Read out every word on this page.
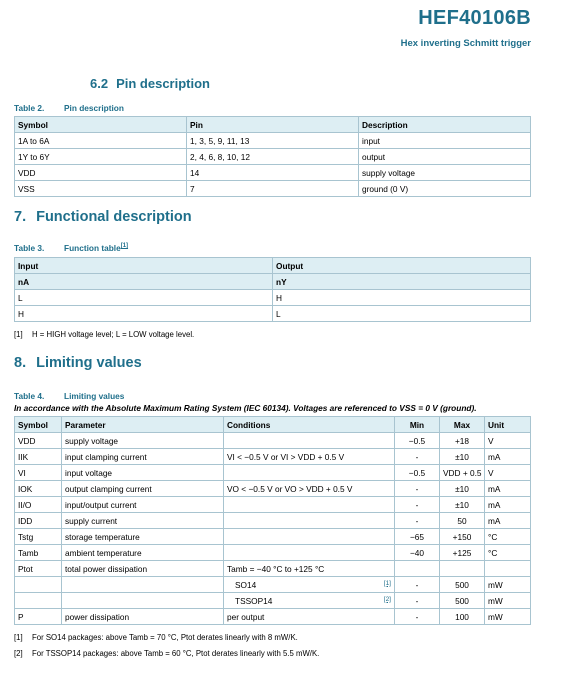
HEF40106B
Hex inverting Schmitt trigger
6.2 Pin description
Table 2. Pin description
Symbol	Pin	Description
1A to 6A	1, 3, 5, 9, 11, 13	input
1Y to 6Y	2, 4, 6, 8, 10, 12	output
VDD	14	supply voltage
VSS	7	ground (0 V)
7. Functional description
Table 3. Function table[1]
Input	Output
nA	nY
L	H
H	L
[1] H = HIGH voltage level; L = LOW voltage level.
8. Limiting values
Table 4. Limiting values
In accordance with the Absolute Maximum Rating System (IEC 60134). Voltages are referenced to VSS = 0 V (ground).
Symbol	Parameter	Conditions	Min	Max	Unit
VDD	supply voltage		−0.5	+18	V
IIK	input clamping current	VI < −0.5 V or VI > VDD + 0.5 V	-	±10	mA
VI	input voltage		−0.5	VDD + 0.5	V
IOK	output clamping current	VO < −0.5 V or VO > VDD + 0.5 V	-	±10	mA
II/O	input/output current		-	±10	mA
IDD	supply current		-	50	mA
Tstg	storage temperature		−65	+150	°C
Tamb	ambient temperature		−40	+125	°C
Ptot	total power dissipation	Tamb = −40 °C to +125 °C			
		SO14 [1]	-	500	mW
		TSSOP14 [2]	-	500	mW
P	power dissipation	per output	-	100	mW
[1] For SO14 packages: above Tamb = 70 °C, Ptot derates linearly with 8 mW/K.
[2] For TSSOP14 packages: above Tamb = 60 °C, Ptot derates linearly with 5.5 mW/K.
